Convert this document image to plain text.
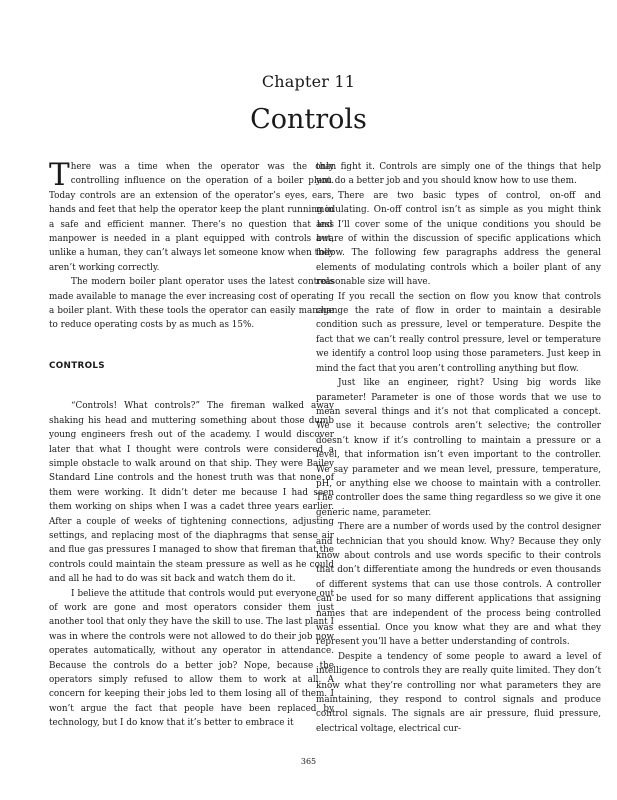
Chapter 11
Controls

There was a time when the operator was the only controlling influence on the operation of a boiler plant. Today controls are an extension of the operator’s eyes, ears, hands and feet that help the operator keep the plant running in a safe and efficient manner. There’s no question that less manpower is needed in a plant equipped with controls but, unlike a human, they can’t always let someone know when they aren’t working correctly.

The modern boiler plant operator uses the latest controls made available to manage the ever increasing cost of operating a boiler plant. With these tools the operator can easily manage to reduce operating costs by as much as 15%.

CONTROLS

“Controls! What controls?” The fireman walked away shaking his head and muttering something about those dumb young engineers fresh out of the academy. I would discover later that what I thought were controls were considered a simple obstacle to walk around on that ship. They were Bailey Standard Line controls and the honest truth was that none of them were working. It didn’t deter me because I had seen them working on ships when I was a cadet three years earlier. After a couple of weeks of tightening connections, adjusting settings, and replacing most of the diaphragms that sense air and flue gas pressures I managed to show that fireman that the controls could maintain the steam pressure as well as he could and all he had to do was sit back and watch them do it.

I believe the attitude that controls would put everyone out of work are gone and most operators consider them just another tool that only they have the skill to use. The last plant I was in where the controls were not allowed to do their job now operates automatically, without any operator in attendance. Because the controls do a better job? Nope, because the operators simply refused to allow them to work at all. A concern for keeping their jobs led to them losing all of them. I won’t argue the fact that people have been replaced by technology, but I do know that it’s better to embrace it

than fight it. Controls are simply one of the things that help you do a better job and you should know how to use them.

There are two basic types of control, on-off and modulating. On-off control isn’t as simple as you might think and I’ll cover some of the unique conditions you should be aware of within the discussion of specific applications which follow. The following few paragraphs address the general elements of modulating controls which a boiler plant of any reasonable size will have.

If you recall the section on flow you know that controls change the rate of flow in order to maintain a desirable condition such as pressure, level or temperature. Despite the fact that we can’t really control pressure, level or temperature we identify a control loop using those parameters. Just keep in mind the fact that you aren’t controlling anything but flow.

Just like an engineer, right? Using big words like parameter! Parameter is one of those words that we use to mean several things and it’s not that complicated a concept. We use it because controls aren’t selective; the controller doesn’t know if it’s controlling to maintain a pressure or a level, that information isn’t even important to the controller. We say parameter and we mean level, pressure, temperature, pH, or anything else we choose to maintain with a controller. The controller does the same thing regardless so we give it one generic name, parameter.

There are a number of words used by the control designer and technician that you should know. Why? Because they only know about controls and use words specific to their controls that don’t differentiate among the hundreds or even thousands of different systems that can use those controls. A controller can be used for so many different applications that assigning names that are independent of the process being controlled was essential. Once you know what they are and what they represent you’ll have a better understanding of controls.

Despite a tendency of some people to award a level of intelligence to controls they are really quite limited. They don’t know what they’re controlling nor what parameters they are maintaining, they respond to control signals and produce control signals. The signals are air pressure, fluid pressure, electrical voltage, electrical cur-

365
